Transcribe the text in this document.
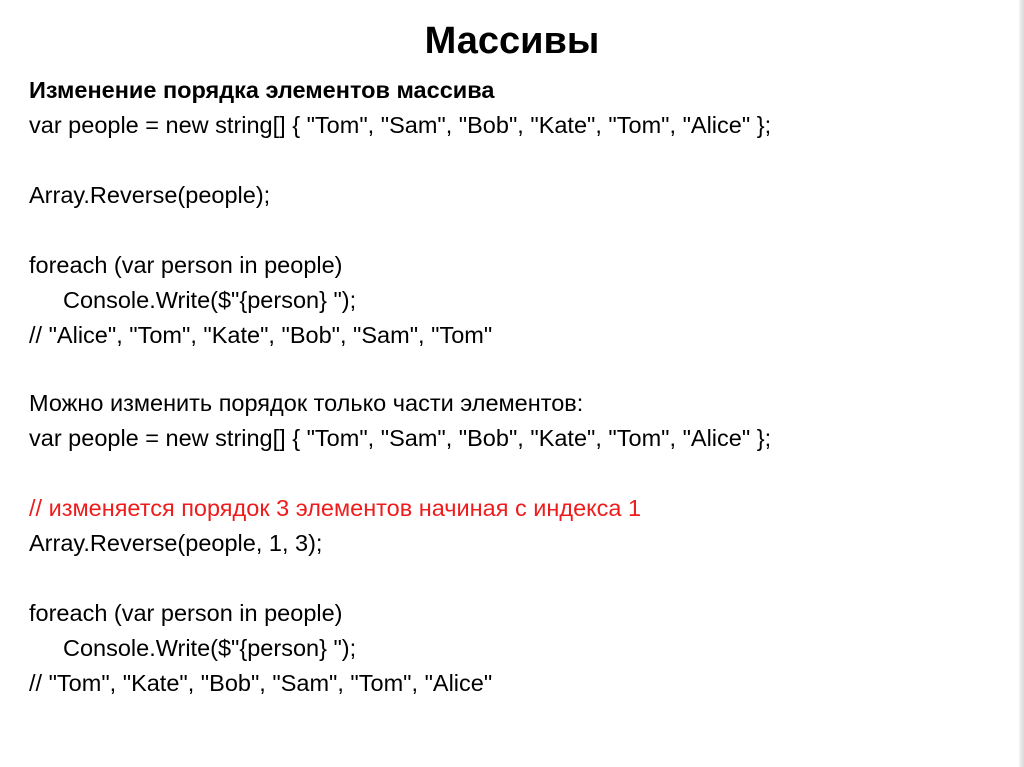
Массивы
Изменение порядка элементов массива
var people = new string[] { "Tom", "Sam", "Bob", "Kate", "Tom", "Alice" };
Array.Reverse(people);
foreach (var person in people)
Console.Write($"{person} ");
// "Alice", "Tom", "Kate", "Bob", "Sam", "Tom"
Можно изменить порядок только части элементов:
var people = new string[] { "Tom", "Sam", "Bob", "Kate", "Tom", "Alice" };
// изменяется порядок 3 элементов начиная с индекса 1
Array.Reverse(people, 1, 3);
foreach (var person in people)
Console.Write($"{person} ");
// "Tom", "Kate", "Bob", "Sam", "Tom", "Alice"
